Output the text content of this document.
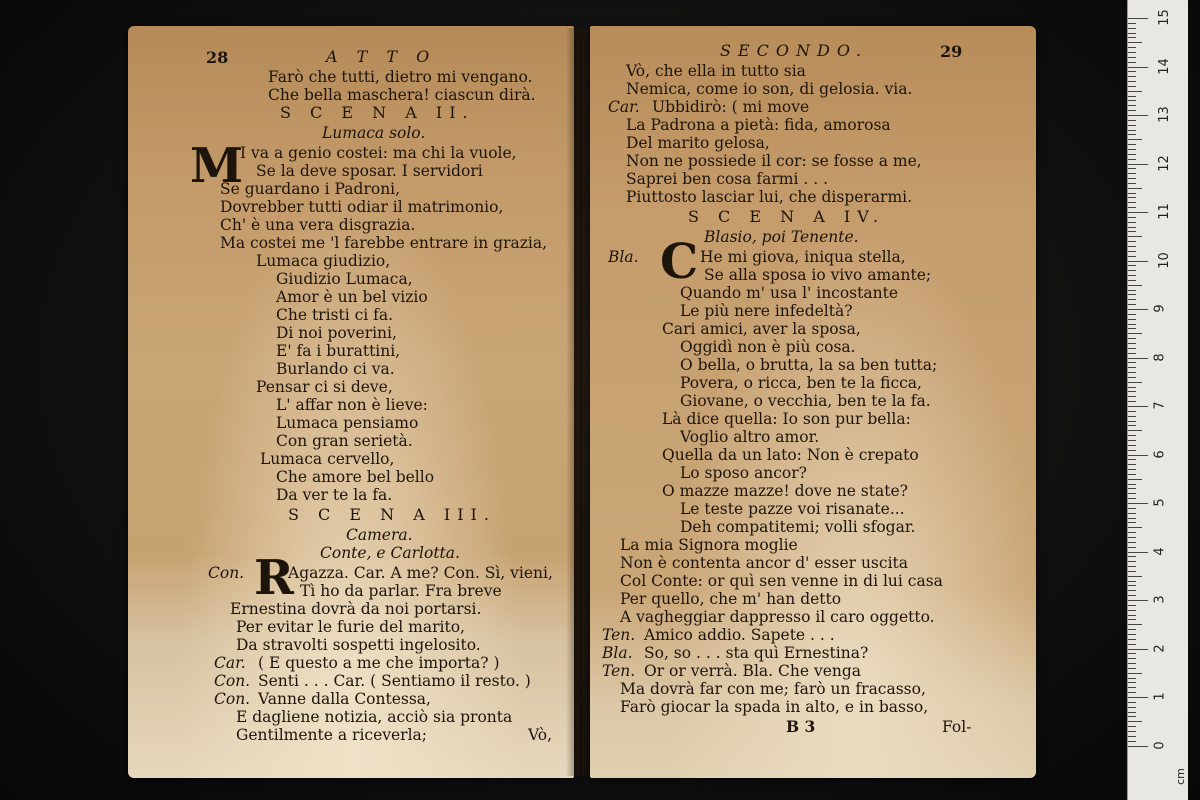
28	A T T O
Farò che tutti, dietro mi vengano.
Che bella maschera! ciascun dirà.
S C E N A II.
Lumaca solo.
M
I va a genio costei: ma chi la vuole,
Se la deve sposar. I servidori
Se guardano i Padroni,
Dovrebber tutti odiar il matrimonio,
Ch' è una vera disgrazia.
Ma costei me 'l farebbe entrare in grazia,
Lumaca giudizio,
Giudizio Lumaca,
Amor è un bel vizio
Che tristi ci fa.
Di noi poverini,
E' fa i burattini,
Burlando ci va.
Pensar ci si deve,
L' affar non è lieve:
Lumaca pensiamo
Con gran serietà.
Lumaca cervello,
Che amore bel bello
Da ver te la fa.
S C E N A III.
Camera.
Conte, e Carlotta.
Con. R
Agazza. Car. A me? Con. Sì, vieni,
Tì ho da parlar. Fra breve
Ernestina dovrà da noi portarsi.
Per evitar le furie del marito,
Da stravolti sospetti ingelosito.
Car. ( E questo a me che importa? )
Con. Senti . . . Car. ( Sentiamo il resto. )
Con. Vanne dalla Contessa,
E dagliene notizia, acciò sia pronta
Gentilmente a riceverla;	Vò,
SECONDO.	29
Vò, che ella in tutto sia
Nemica, come io son, di gelosia. via.
Car. Ubbidirò: ( mi move
La Padrona a pietà: fida, amorosa
Del marito gelosa,
Non ne possiede il cor: se fosse a me,
Saprei ben cosa farmi . . .
Piuttosto lasciar lui, che disperarmi.
S C E N A IV.
Blasio, poi Tenente.
Bla. C He mi giova, iniqua stella,
Se alla sposa io vivo amante;
Quando m' usa l' incostante
Le più nere infedeltà?
Cari amici, aver la sposa,
Oggidì non è più cosa.
O bella, o brutta, la sa ben tutta;
Povera, o ricca, ben te la ficca,
Giovane, o vecchia, ben te la fa.
Là dice quella: Io son pur bella:
Voglio altro amor.
Quella da un lato: Non è crepato
Lo sposo ancor?
O mazze mazze! dove ne state?
Le teste pazze voi risanate...
Deh compatitemi; volli sfogar.
La mia Signora moglie
Non è contenta ancor d' esser uscita
Col Conte: or quì sen venne in di lui casa
Per quello, che m' han detto
A vagheggiar dappresso il caro oggetto.
Ten. Amico addio. Sapete . . .
Bla. So, so . . . sta quì Ernestina?
Ten. Or or verrà. Bla. Che venga
Ma dovrà far con me; farò un fracasso,
Farò giocar la spada in alto, e in basso,
B 3	Fol-
15
14
13
12
11
10
9
8
7
6
5
4
3
2
1
0
cm
